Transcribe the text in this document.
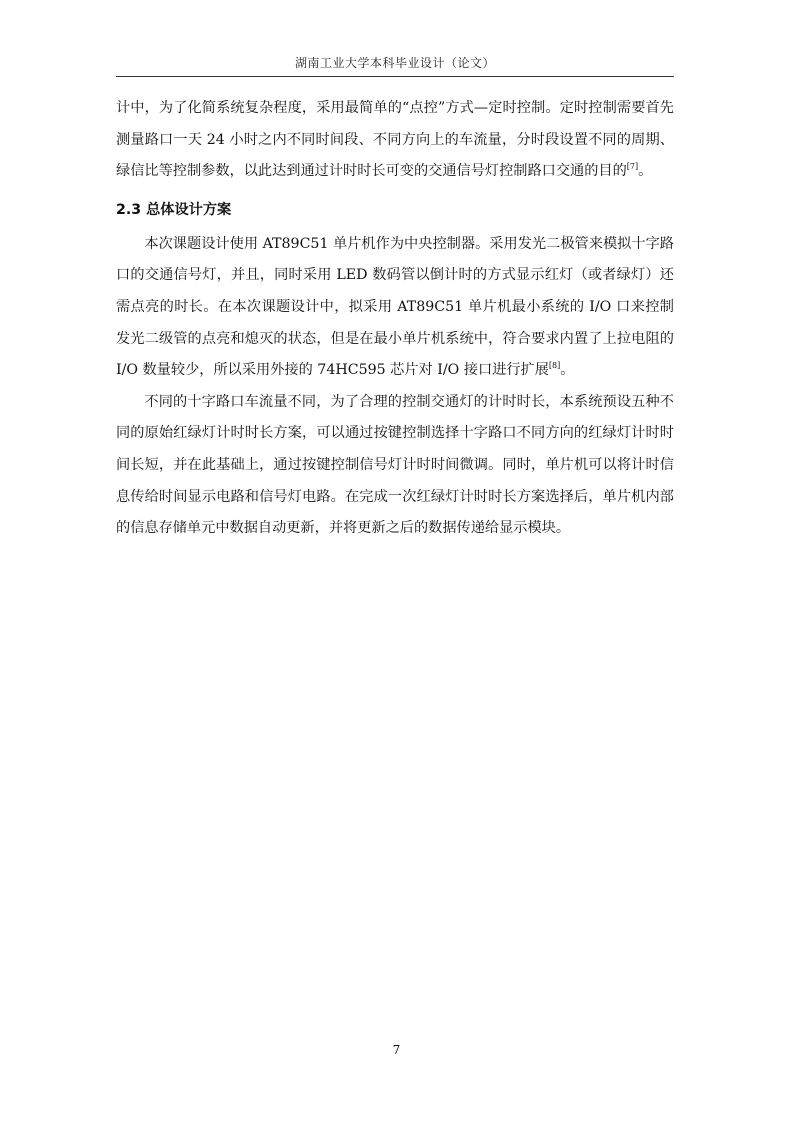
湖南工业大学本科毕业设计（论文）

计中，为了化简系统复杂程度，采用最简单的“点控”方式—定时控制。定时控制需要首先测量路口一天 24 小时之内不同时间段、不同方向上的车流量，分时段设置不同的周期、绿信比等控制参数，以此达到通过计时时长可变的交通信号灯控制路口交通的目的[7]。

2.3 总体设计方案

本次课题设计使用 AT89C51 单片机作为中央控制器。采用发光二极管来模拟十字路口的交通信号灯，并且，同时采用 LED 数码管以倒计时的方式显示红灯（或者绿灯）还需点亮的时长。在本次课题设计中，拟采用 AT89C51 单片机最小系统的 I/O 口来控制发光二级管的点亮和熄灭的状态，但是在最小单片机系统中，符合要求内置了上拉电阻的 I/O 数量较少，所以采用外接的 74HC595 芯片对 I/O 接口进行扩展[8]。

不同的十字路口车流量不同，为了合理的控制交通灯的计时时长，本系统预设五种不同的原始红绿灯计时时长方案，可以通过按键控制选择十字路口不同方向的红绿灯计时时间长短，并在此基础上，通过按键控制信号灯计时时间微调。同时，单片机可以将计时信息传给时间显示电路和信号灯电路。在完成一次红绿灯计时时长方案选择后，单片机内部的信息存储单元中数据自动更新，并将更新之后的数据传递给显示模块。

7
